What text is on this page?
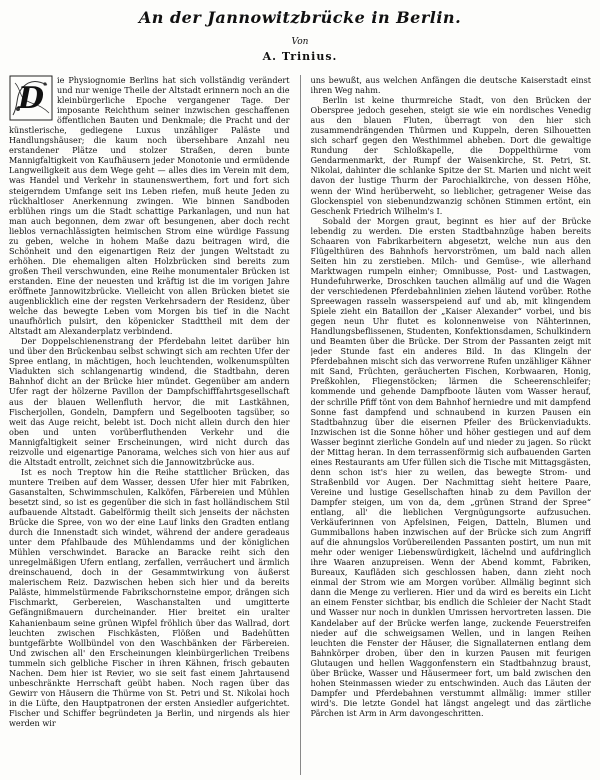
An der Jannowitzbrücke in Berlin.
Von
A. Trinius.
D

ie Physiognomie Berlins hat sich vollständig verändert und nur wenige Theile der Altstadt erinnern noch an die kleinbürgerliche Epoche vergangener Tage. Der imposante Reichthum seiner inzwischen geschaffenen öffentlichen Bauten und Denkmale; die Pracht und der künstlerische, gediegene Luxus unzähliger Paläste und Handlungshäuser; die kaum noch übersehbare Anzahl neu erstandener Plätze und stolzer Straßen, deren bunte Mannigfaltigkeit von Kaufhäusern jeder Monotonie und ermüdende Langweiligkeit aus dem Wege geht — alles dies im Verein mit dem, was Handel und Verkehr in staunenswerthem, fort und fort sich steigerndem Umfange seit ins Leben riefen, muß heute Jeden zu rückhaltloser Anerkennung zwingen. Wie binnen Sandboden erblühen rings um die Stadt schattige Parkanlagen, und nun hat man auch begonnen, dem zwar oft besungenen, aber doch recht lieblos vernachlässigten heimischen Strom eine würdige Fassung zu geben, welche in hohem Maße dazu beitragen wird, die Schönheit und den eigenartigen Reiz der jungen Weltstadt zu erhöhen. Die ehemaligen alten Holzbrücken sind bereits zum großen Theil verschwunden, eine Reihe monumentaler Brücken ist erstanden. Eine der neuesten und kräftig ist die im vorigen Jahre eröffnete Jannowitzbrücke. Vielleicht von allen Brücken bietet sie augenblicklich eine der regsten Verkehrsadern der Residenz, über welche das bewegte Leben vom Morgen bis tief in die Nacht unaufhörlich pulsirt, den köpenicker Stadttheil mit dem der Altstadt am Alexanderplatz verbindend.

Der Doppelschienenstrang der Pferdebahn leitet darüber hin und über den Brückenbau selbst schwingt sich am rechten Ufer der Spree entlang, in mächtigen, hoch leuchtenden, wolkenumspülten Viadukten sich schlangenartig windend, die Stadtbahn, deren Bahnhof dicht an der Brücke hier mündet. Gegenüber am andern Ufer ragt der hölzerne Pavillon der Dampfschifffahrtsgesellschaft aus der blauen Wellenfluth hervor, die mit Lastkähnen, Fischerjollen, Gondeln, Dampfern und Segelbooten tagsüber, so weit das Auge reicht, belebt ist. Doch nicht allein durch den hier oben und unten vorüberfluthenden Verkehr und die Mannigfaltigkeit seiner Erscheinungen, wird nicht durch das reizvolle und eigenartige Panorama, welches sich von hier aus auf die Altstadt entrollt, zeichnet sich die Jannowitzbrücke aus.

Ist es noch Treptow hin die Reihe stattlicher Brücken, das muntere Treiben auf dem Wasser, dessen Ufer hier mit Fabriken, Gasanstalten, Schwimmschulen, Kalköfen, Färbereien und Mühlen besetzt sind, so ist es gegenüber die sich in fast holländischem Stil aufbauende Altstadt. Gabelförmig theilt sich jenseits der nächsten Brücke die Spree, von wo der eine Lauf links den Gradten entlang durch die Innenstadt sich windet, während der andere geradeaus unter dem Pfahlbaude des Mühlendamms und der königlichen Mühlen verschwindet. Baracke an Baracke reiht sich den unregelmäßigen Ufern entlang, zerfallen, verräuchert und ärmlich dreinschauend, doch in der Gesammtwirkung von äußerst malerischem Reiz. Dazwischen heben sich hier und da bereits Paläste, himmelstürmende Fabrikschornsteine empor, drängen sich Fischmarkt, Gerbereien, Waschanstalten und umgitterte Gefängnißmauern durcheinander. Hier breitet ein uralter Kahanienbaum seine grünen Wipfel fröhlich über das Wallrad, dort leuchten zwischen Fischkästen, Flößen und Badehütten buntgefärbte Wollbündel von den Waschbänken der Färbereien. Und zwischen all' den Erscheinungen kleinbürgerlichen Treibens tummeln sich gelbliche Fischer in ihren Kähnen, frisch gebauten Nachen. Dem hier ist Revier, wo sie seit fast einem Jahrtausend unbeschränkte Herrschaft geübt haben. Noch ragen über das Gewirr von Häusern die Thürme von St. Petri und St. Nikolai hoch in die Lüfte, den Hauptpatronen der ersten Ansiedler aufgerichtet. Fischer und Schiffer begründeten ja Berlin, und nirgends als hier werden wir

uns bewußt, aus welchen Anfängen die deutsche Kaiserstadt einst ihren Weg nahm.

Berlin ist keine thurmreiche Stadt, von den Brücken der Oberspree jedoch gesehen, steigt sie wie ein nordisches Venedig aus den blauen Fluten, überragt von den hier sich zusammendrängenden Thürmen und Kuppeln, deren Silhouetten sich scharf gegen den Westhimmel abheben. Dort die gewaltige Rundung der Schloßkapelle, die Doppelthürme vom Gendarmenmarkt, der Rumpf der Waisenkirche, St. Petri, St. Nikolai, dahinter die schlanke Spitze der St. Marien und nicht weit davon der lustige Thurm der Parochialkirche, von dessen Höhe, wenn der Wind herüberweht, so lieblicher, getragener Weise das Glockenspiel von siebenundzwanzig schönen Stimmen ertönt, ein Geschenk Friedrich Wilhelm's I.

Sobald der Morgen graut, beginnt es hier auf der Brücke lebendig zu werden. Die ersten Stadtbahnzüge haben bereits Schaaren von Fabrikarbeitern abgesetzt, welche nun aus den Flügelthüren des Bahnhofs hervorströmen, um bald nach allen Seiten hin zu zerstieben. Milch- und Gemüse-, wie allerhand Marktwagen rumpeln einher; Omnibusse, Post- und Lastwagen, Hundefuhrwerke, Droschken tauchen allmälig auf und die Wagen der verschiedenen Pferdebahnlinien ziehen läutend vorüber. Rothe Spreewagen rasseln wasserspeiend auf und ab, mit klingendem Spiele zieht ein Bataillon der „Kaiser Alexander“ vorbei, und bis gegen neun Uhr flutet es kolonnenweise von Nähterinnen, Handlungsbeflissenen, Studenten, Konfektionsdamen, Schulkindern und Beamten über die Brücke. Der Strom der Passanten zeigt mit jeder Stunde fast ein anderes Bild. In das Klingeln der Pferdebahnen mischt sich das verworrene Rufen unzähliger Kähner mit Sand, Früchten, geräucherten Fischen, Korbwaaren, Honig, Preßkohlen, Fliegenstöcken; lärmen die Scheerenschleifer; kommende und gehende Dampfboote läuten vom Wasser herauf, der schrille Pfiff tönt von dem Bahnhof herniedre und mit dampfend Sonne fast dampfend und schnaubend in kurzen Pausen ein Stadtbahnzug über die eisernen Pfeiler des Brückenviadukts. Inzwischen ist die Sonne höher und höher gestiegen und auf dem Wasser beginnt zierliche Gondeln auf und nieder zu jagen. So rückt der Mittag heran. In dem terrassenförmig sich aufbauenden Garten eines Restaurants am Ufer füllen sich die Tische mit Mittagsgästen, denn schon ist's hier zu weilen, das bewegte Strom- und Straßenbild vor Augen. Der Nachmittag sieht heitere Paare, Vereine und lustige Gesellschaften hinab zu dem Pavillon der Dampfer steigen, um von da, dem „grünen Strand der Spree“ entlang, all' die lieblichen Vergnügungsorte aufzusuchen. Verkäuferinnen von Apfelsinen, Feigen, Datteln, Blumen und Gummiballons haben inzwischen auf der Brücke sich zum Angriff auf die ahnungslos Vorübereilenden Passanten postirt, um nun mit mehr oder weniger Liebenswürdigkeit, lächelnd und aufdringlich ihre Waaren anzupreisen. Wenn der Abend kommt, Fabriken, Bureaux, Kaufläden sich geschlossen haben, dann zieht noch einmal der Strom wie am Morgen vorüber. Allmälig beginnt sich dann die Menge zu verlieren. Hier und da wird es bereits ein Licht an einem Fenster sichtbar, bis endlich die Schleier der Nacht Stadt und Wasser nur noch in dunklen Umrissen hervortreten lassen. Die Kandelaber auf der Brücke werfen lange, zuckende Feuerstreifen nieder auf die schweigsamen Wellen, und in langen Reihen leuchten die Fenster der Häuser, die Signallaternen entlang dem Bahnkörper droben, über den in kurzen Pausen mit feurigen Glutaugen und hellen Waggonfenstern ein Stadtbahnzug braust, über Brücke, Wasser und Häusermeer fort, um bald zwischen den hohen Steinmassen wieder zu entschwinden. Auch das Läuten der Dampfer und Pferdebahnen verstummt allmälig: immer stiller wird's. Die letzte Gondel hat längst angelegt und das zärtliche Pärchen ist Arm in Arm davongeschritten.
